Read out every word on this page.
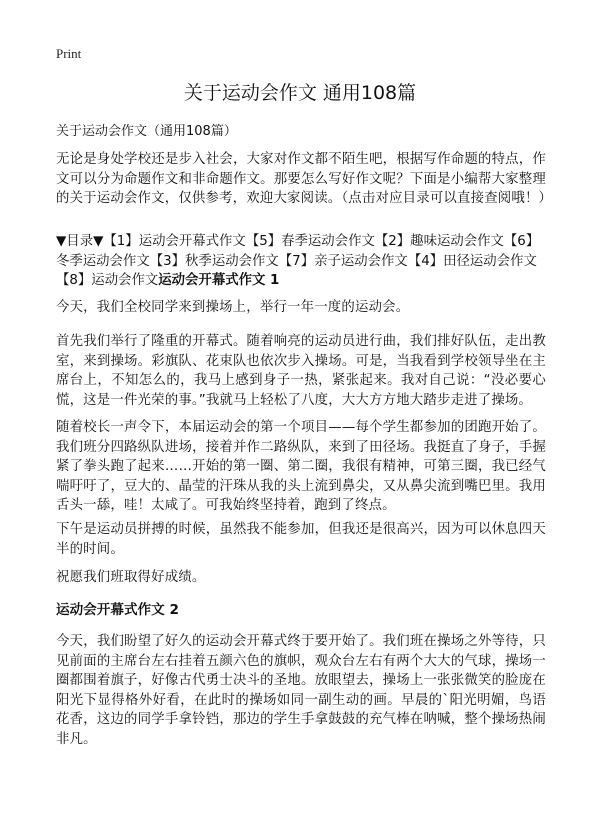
Print
关于运动会作文 通用108篇
关于运动会作文（通用108篇）
无论是身处学校还是步入社会，大家对作文都不陌生吧，根据写作命题的特点，作文可以分为命题作文和非命题作文。那要怎么写好作文呢？下面是小编帮大家整理的关于运动会作文，仅供参考，欢迎大家阅读。（点击对应目录可以直接查阅哦！）
▼目录▼【1】运动会开幕式作文【5】春季运动会作文【2】趣味运动会作文【6】冬季运动会作文【3】秋季运动会作文【7】亲子运动会作文【4】田径运动会作文【8】运动会作文运动会开幕式作文 1
今天，我们全校同学来到操场上，举行一年一度的运动会。
首先我们举行了隆重的开幕式。随着响亮的运动员进行曲，我们排好队伍，走出教室，来到操场。彩旗队、花束队也依次步入操场。可是，当我看到学校领导坐在主席台上，不知怎么的，我马上感到身子一热，紧张起来。我对自己说：“没必要心慌，这是一件光荣的事。”我就马上轻松了八度，大大方方地大踏步走进了操场。
随着校长一声令下，本届运动会的第一个项目——每个学生都参加的团跑开始了。我们班分四路纵队进场，接着并作二路纵队，来到了田径场。我挺直了身子，手握紧了拳头跑了起来……开始的第一圈、第二圈，我很有精神，可第三圈，我已经气喘吁吁了，豆大的、晶莹的汗珠从我的头上流到鼻尖，又从鼻尖流到嘴巴里。我用舌头一舔，哇！太咸了。可我始终坚持着，跑到了终点。
下午是运动员拼搏的时候，虽然我不能参加，但我还是很高兴，因为可以休息四天半的时间。
祝愿我们班取得好成绩。
运动会开幕式作文 2
今天，我们盼望了好久的运动会开幕式终于要开始了。我们班在操场之外等待，只见前面的主席台左右挂着五颜六色的旗帜，观众台左右有两个大大的气球，操场一圈都围着旗子，好像古代勇士决斗的圣地。放眼望去，操场上一张张微笑的脸庞在阳光下显得格外好看，在此时的操场如同一副生动的画。早晨的`阳光明媚，鸟语花香，这边的同学手拿铃铛，那边的学生手拿鼓鼓的充气棒在呐喊，整个操场热闹非凡。
